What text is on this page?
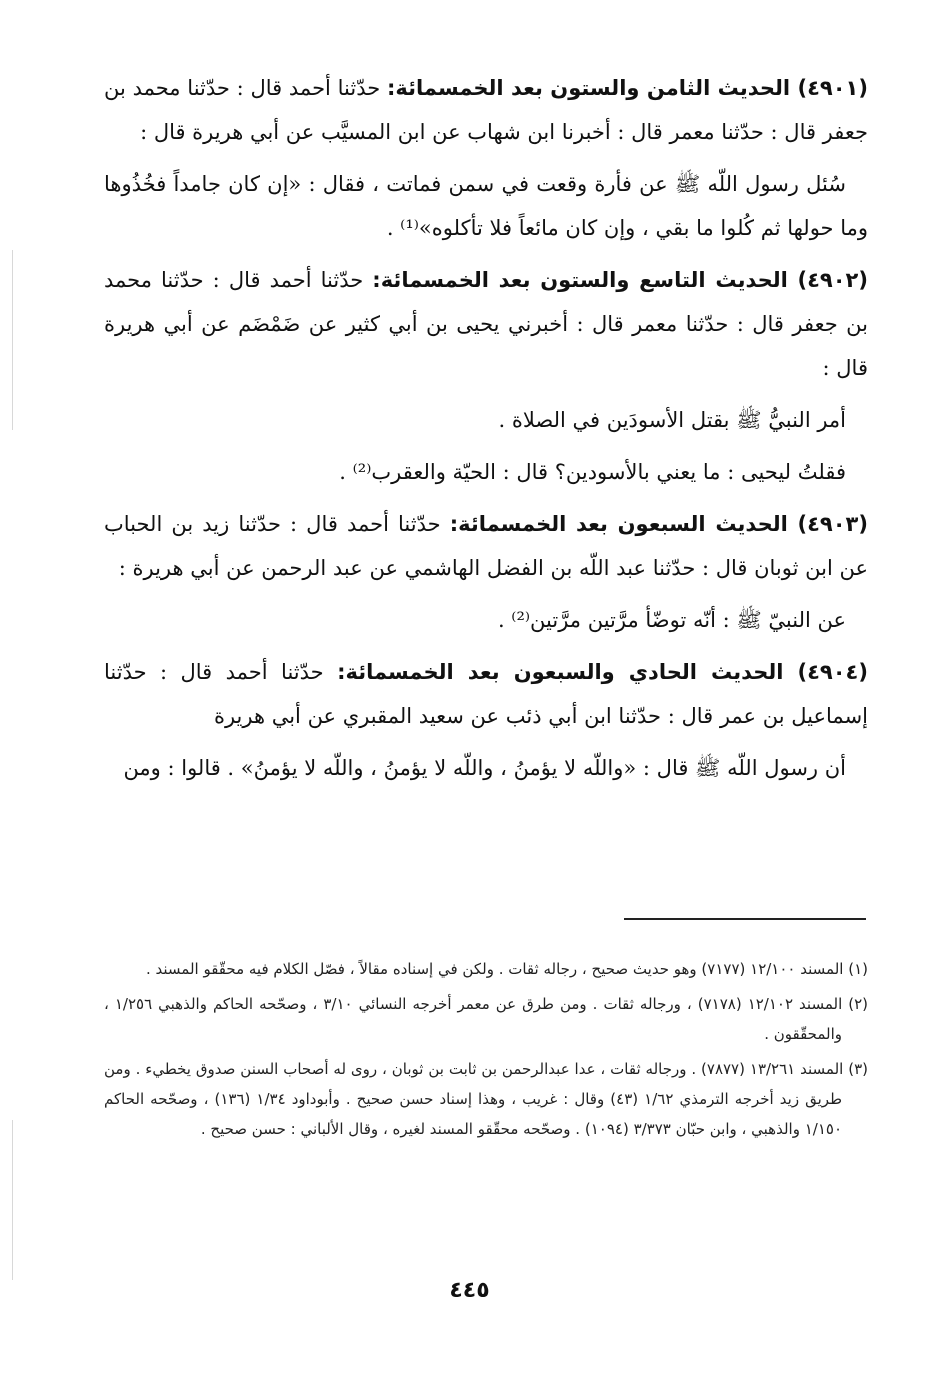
(٤٩٠١) الحديث الثامن والستون بعد الخمسمائة: حدّثنا أحمد قال : حدّثنا محمد بن جعفر قال : حدّثنا معمر قال : أخبرنا ابن شهاب عن ابن المسيَّب عن أبي هريرة قال :

سُئل رسول اللّه ﷺ عن فأرة وقعت في سمن فماتت ، فقال : «إن كان جامداً فخُذُوها وما حولها ثم كُلوا ما بقي ، وإن كان مائعاً فلا تأكلوه»⁽¹⁾ .

(٤٩٠٢) الحديث التاسع والستون بعد الخمسمائة: حدّثنا أحمد قال : حدّثنا محمد بن جعفر قال : حدّثنا معمر قال : أخبرني يحيى بن أبي كثير عن ضَمْضَم عن أبي هريرة قال :

أمر النبيُّ ﷺ بقتل الأسودَين في الصلاة .

فقلتُ ليحيى : ما يعني بالأسودين؟ قال : الحيّة والعقرب⁽²⁾ .

(٤٩٠٣) الحديث السبعون بعد الخمسمائة: حدّثنا أحمد قال : حدّثنا زيد بن الحباب عن ابن ثوبان قال : حدّثنا عبد اللّه بن الفضل الهاشمي عن عبد الرحمن عن أبي هريرة :

عن النبيّ ﷺ : أنّه توضّأ مرَّتين مرَّتين⁽²⁾ .

(٤٩٠٤) الحديث الحادي والسبعون بعد الخمسمائة: حدّثنا أحمد قال : حدّثنا إسماعيل بن عمر قال : حدّثنا ابن أبي ذئب عن سعيد المقبري عن أبي هريرة

أن رسول اللّه ﷺ قال : «واللّه لا يؤمنُ ، واللّه لا يؤمنُ ، واللّه لا يؤمنُ» . قالوا : ومن

(١) المسند ١٢/١٠٠ (٧١٧٧) وهو حديث صحيح ، رجاله ثقات . ولكن في إسناده مقالاً ، فصّل الكلام فيه محقّقو المسند .

(٢) المسند ١٢/١٠٢ (٧١٧٨) ، ورجاله ثقات . ومن طرق عن معمر أخرجه النسائي ٣/١٠ ، وصحّحه الحاكم والذهبي ١/٢٥٦ ، والمحقّقون .

(٣) المسند ١٣/٢٦١ (٧٨٧٧) . ورجاله ثقات ، عدا عبدالرحمن بن ثابت بن ثوبان ، روى له أصحاب السنن صدوق يخطيء . ومن طريق زيد أخرجه الترمذي ١/٦٢ (٤٣) وقال : غريب ، وهذا إسناد حسن صحيح . وأبوداود ١/٣٤ (١٣٦) ، وصحّحه الحاكم ١/١٥٠ والذهبي ، وابن حبّان ٣/٣٧٣ (١٠٩٤) . وصحّحه محقّقو المسند لغيره ، وقال الألباني : حسن صحيح .

٤٤٥
